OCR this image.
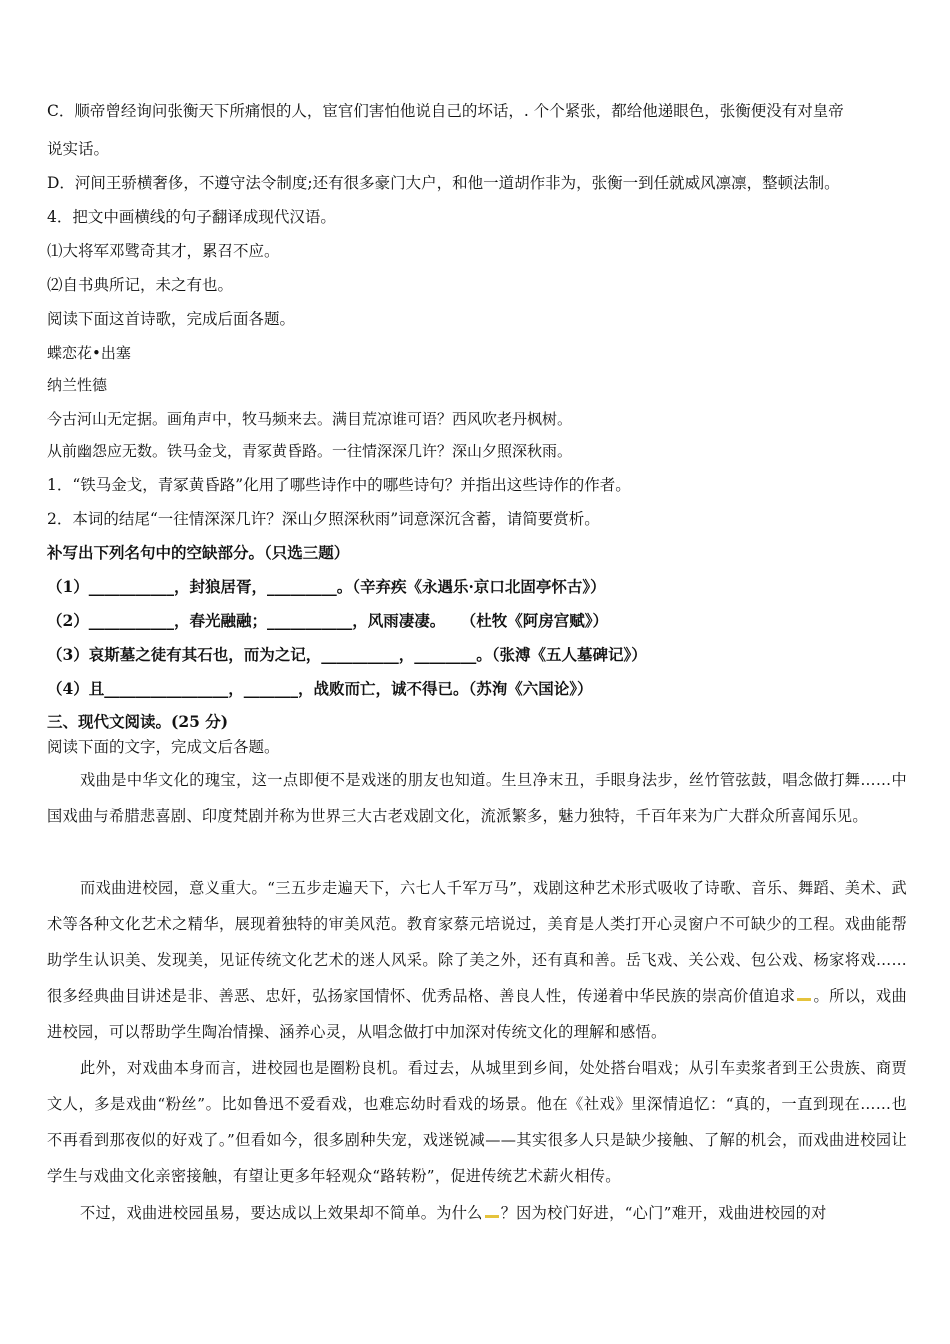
C．顺帝曾经询问张衡天下所痛恨的人，宦官们害怕他说自己的坏话，. 个个紧张，都给他递眼色，张衡便没有对皇帝
说实话。
D．河间王骄横奢侈，不遵守法令制度;还有很多豪门大户，和他一道胡作非为，张衡一到任就威风凛凛，整顿法制。
4．把文中画横线的句子翻译成现代汉语。
⑴大将军邓骘奇其才，累召不应。
⑵自书典所记，未之有也。
阅读下面这首诗歌，完成后面各题。
蝶恋花•出塞
纳兰性德
今古河山无定据。画角声中，牧马频来去。满目荒凉谁可语？西风吹老丹枫树。
从前幽怨应无数。铁马金戈，青冢黄昏路。一往情深深几许？深山夕照深秋雨。
1．“铁马金戈，青冢黄昏路”化用了哪些诗作中的哪些诗句？并指出这些诗作的作者。
2．本词的结尾“一往情深深几许？深山夕照深秋雨”词意深沉含蓄，请简要赏析。
补写出下列名句中的空缺部分。（只选三题）
（1）___________，封狼居胥，_________。（辛弃疾《永遇乐·京口北固亭怀古》）
（2）___________，春光融融；___________，风雨凄凄。　　（杜牧《阿房宫赋》）
（3）哀斯墓之徒有其石也，而为之记，__________，________。（张溥《五人墓碑记》）
（4）且________________，_______，战败而亡，诚不得已。（苏洵《六国论》）
三、现代文阅读。(25 分)
阅读下面的文字，完成文后各题。
戏曲是中华文化的瑰宝，这一点即便不是戏迷的朋友也知道。生旦净末丑，手眼身法步，丝竹管弦鼓，唱念做打舞……中国戏曲与希腊悲喜剧、印度梵剧并称为世界三大古老戏剧文化，流派繁多，魅力独特，千百年来为广大群众所喜闻乐见。
而戏曲进校园，意义重大。“三五步走遍天下，六七人千军万马”，戏剧这种艺术形式吸收了诗歌、音乐、舞蹈、美术、武术等各种文化艺术之精华，展现着独特的审美风范。教育家蔡元培说过，美育是人类打开心灵窗户不可缺少的工程。戏曲能帮助学生认识美、发现美，见证传统文化艺术的迷人风采。除了美之外，还有真和善。岳飞戏、关公戏、包公戏、杨家将戏……很多经典曲目讲述是非、善恶、忠奸，弘扬家国情怀、优秀品格、善良人性，传递着中华民族的崇高价值追求 。所以，戏曲进校园，可以帮助学生陶冶情操、涵养心灵，从唱念做打中加深对传统文化的理解和感悟。
此外，对戏曲本身而言，进校园也是圈粉良机。看过去，从城里到乡间，处处搭台唱戏；从引车卖浆者到王公贵族、商贾文人，多是戏曲“粉丝”。比如鲁迅不爱看戏，也难忘幼时看戏的场景。他在《社戏》里深情追忆：“真的，一直到现在……也不再看到那夜似的好戏了。”但看如今，很多剧种失宠，戏迷锐减——其实很多人只是缺少接触、了解的机会，而戏曲进校园让学生与戏曲文化亲密接触，有望让更多年轻观众“路转粉”，促进传统艺术薪火相传。
不过，戏曲进校园虽易，要达成以上效果却不简单。为什么 ？因为校门好进，“心门”难开，戏曲进校园的对
